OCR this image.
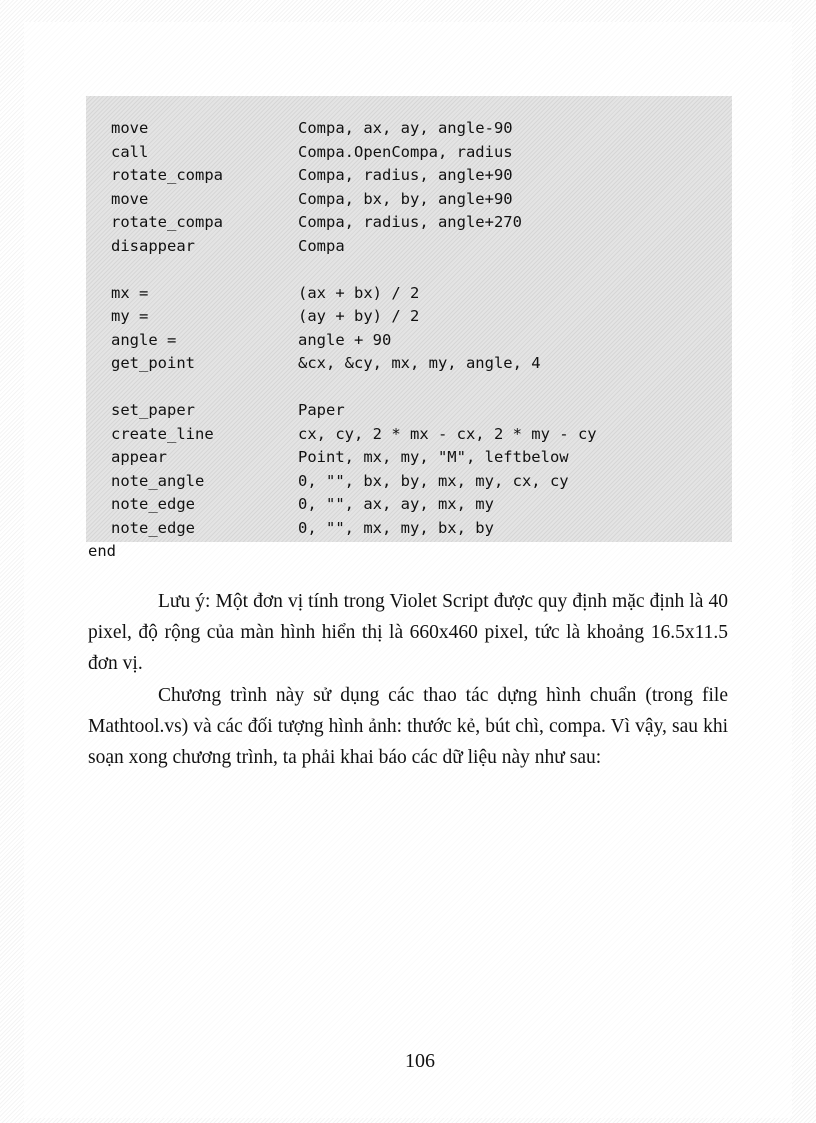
move	Compa, ax, ay, angle-90

call	Compa.OpenCompa, radius

rotate_compa	Compa, radius, angle+90

move	Compa, bx, by, angle+90

rotate_compa	Compa, radius, angle+270

disappear	Compa

mx =	(ax + bx) / 2

my =	(ay + by) / 2

angle =	angle + 90

get_point	&cx, &cy, mx, my, angle, 4

set_paper	Paper

create_line	cx, cy, 2 * mx - cx, 2 * my - cy

appear	Point, mx, my, "M", leftbelow

note_angle	0, "", bx, by, mx, my, cx, cy

note_edge	0, "", ax, ay, mx, my

note_edge	0, "", mx, my, bx, by

end

Lưu ý: Một đơn vị tính trong Violet Script được quy định mặc định là 40 pixel, độ rộng của màn hình hiển thị là 660x460 pixel, tức là khoảng 16.5x11.5 đơn vị.

Chương trình này sử dụng các thao tác dựng hình chuẩn (trong file Mathtool.vs) và các đối tượng hình ảnh: thước kẻ, bút chì, compa. Vì vậy, sau khi soạn xong chương trình, ta phải khai báo các dữ liệu này như sau:

106
